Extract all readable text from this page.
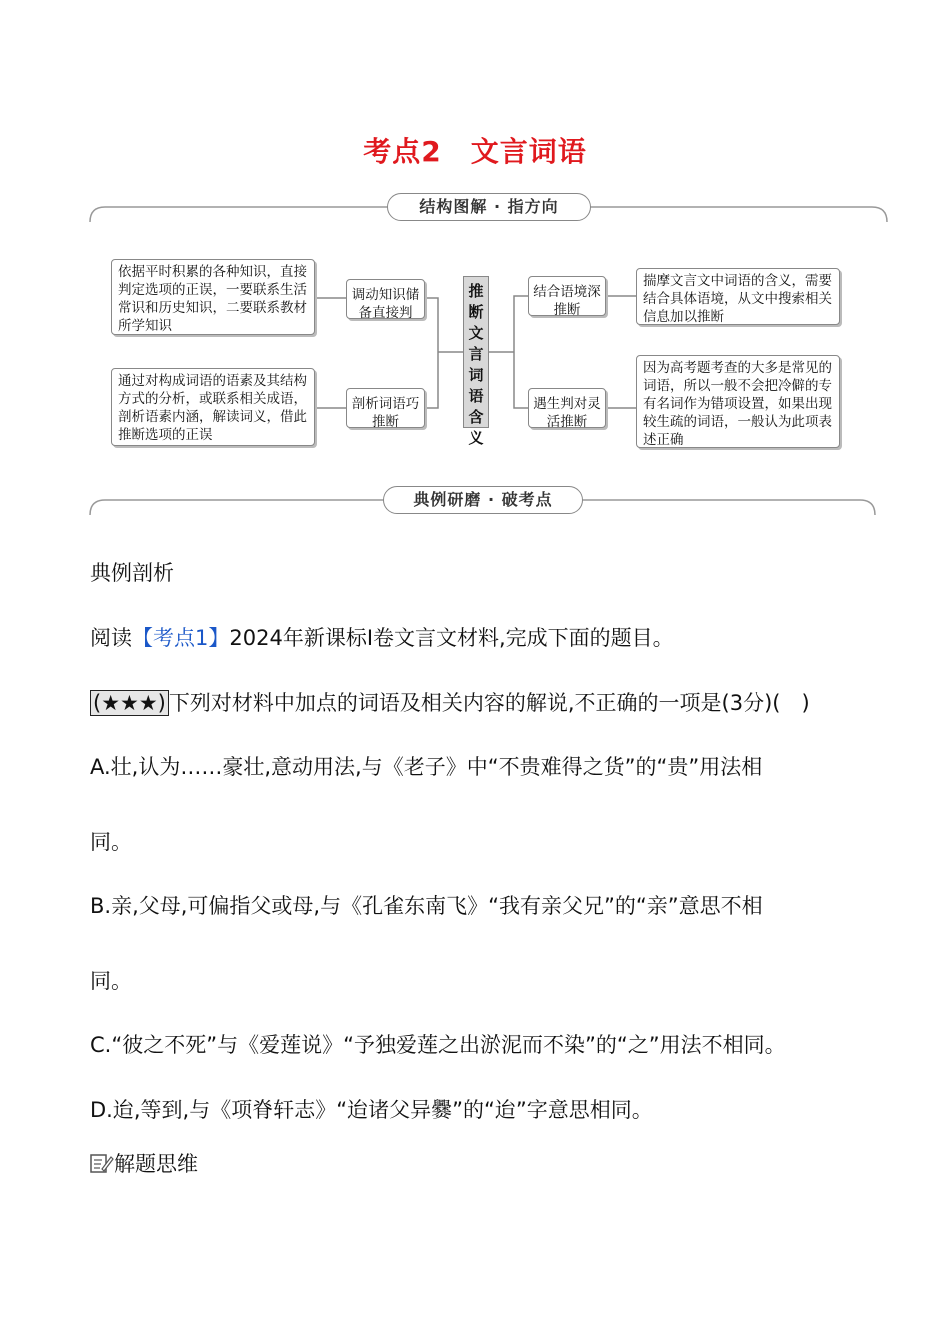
考点2　文言词语
结构图解 · 指方向
典例研磨 · 破考点
依据平时积累的各种知识，直接判定选项的正误，一要联系生活常识和历史知识，二要联系教材所学知识
调动知识储备直接判
通过对构成词语的语素及其结构方式的分析，或联系相关成语，剖析语素内涵，解读词义，借此推断选项的正误
剖析词语巧推断
推断文言词语含义
结合语境深推断
揣摩文言文中词语的含义，需要结合具体语境，从文中搜索相关信息加以推断
遇生判对灵活推断
因为高考题考查的大多是常见的词语，所以一般不会把冷僻的专有名词作为错项设置，如果出现较生疏的词语，一般认为此项表述正确
典例剖析
阅读【考点1】2024年新课标Ⅰ卷文言文材料,完成下面的题目。
(★★★) 下列对材料中加点的词语及相关内容的解说,不正确的一项是(3分)(　)
A.壮,认为……豪壮,意动用法,与《老子》中“不贵难得之货”的“贵”用法相
同。
B.亲,父母,可偏指父或母,与《孔雀东南飞》“我有亲父兄”的“亲”意思不相
同。
C.“彼之不死”与《爱莲说》“予独爱莲之出淤泥而不染”的“之”用法不相同。
D.迨,等到,与《项脊轩志》“迨诸父异爨”的“迨”字意思相同。
解题思维
